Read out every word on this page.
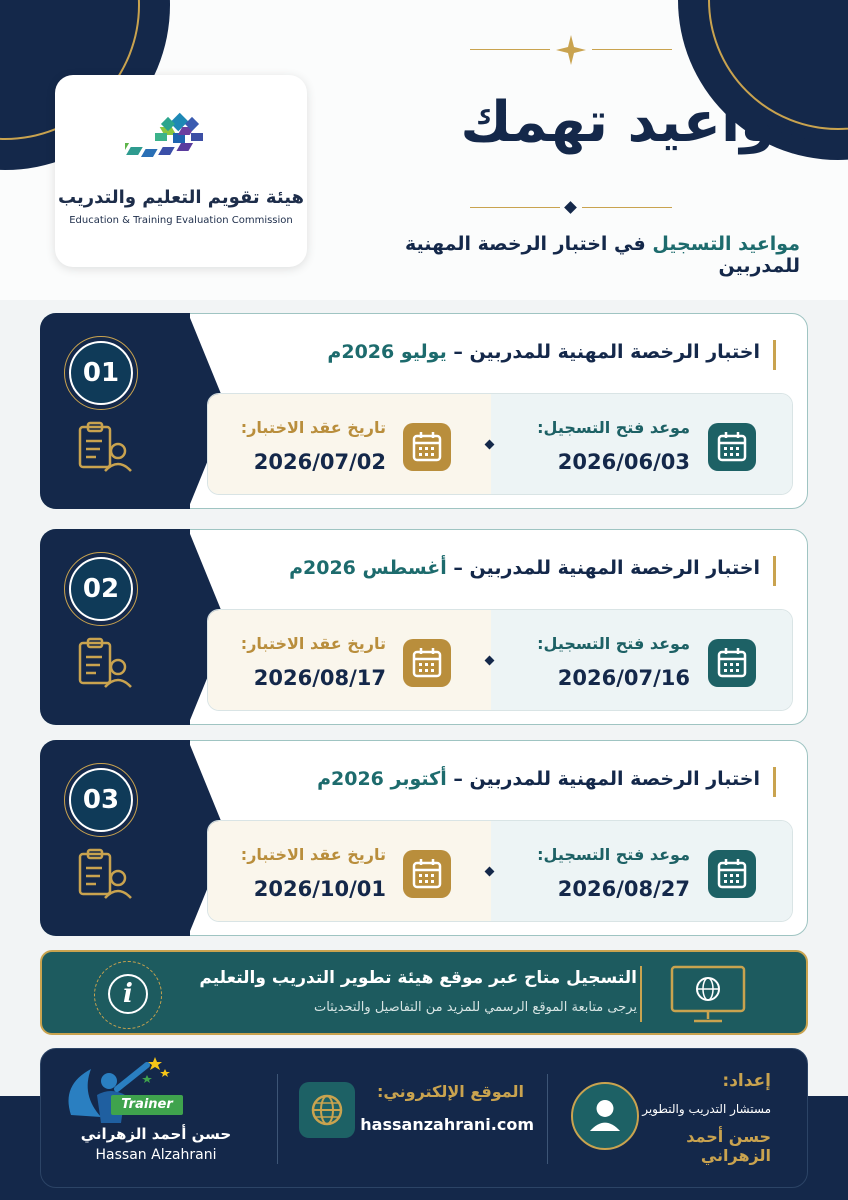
هيئة تقويم التعليم والتدريب
Education & Training Evaluation Commission
مواعيد تهمك
مواعيد التسجيل في اختبار الرخصة المهنية للمدربين
01
اختبار الرخصة المهنية للمدربين – يوليو 2026م
تاريخ عقد الاختبار:
2026/07/02
موعد فتح التسجيل:
2026/06/03
02
اختبار الرخصة المهنية للمدربين – أغسطس 2026م
تاريخ عقد الاختبار:
2026/08/17
موعد فتح التسجيل:
2026/07/16
03
اختبار الرخصة المهنية للمدربين – أكتوبر 2026م
تاريخ عقد الاختبار:
2026/10/01
موعد فتح التسجيل:
2026/08/27
i
التسجيل متاح عبر موقع هيئة تطوير التدريب والتعليم
يرجى متابعة الموقع الرسمي للمزيد من التفاصيل والتحديثات
Trainer
حسن أحمد الزهراني
Hassan Alzahrani
الموقع الإلكتروني:
hassanzahrani.com
إعداد:
مستشار التدريب والتطوير
حسن أحمد الزهراني
